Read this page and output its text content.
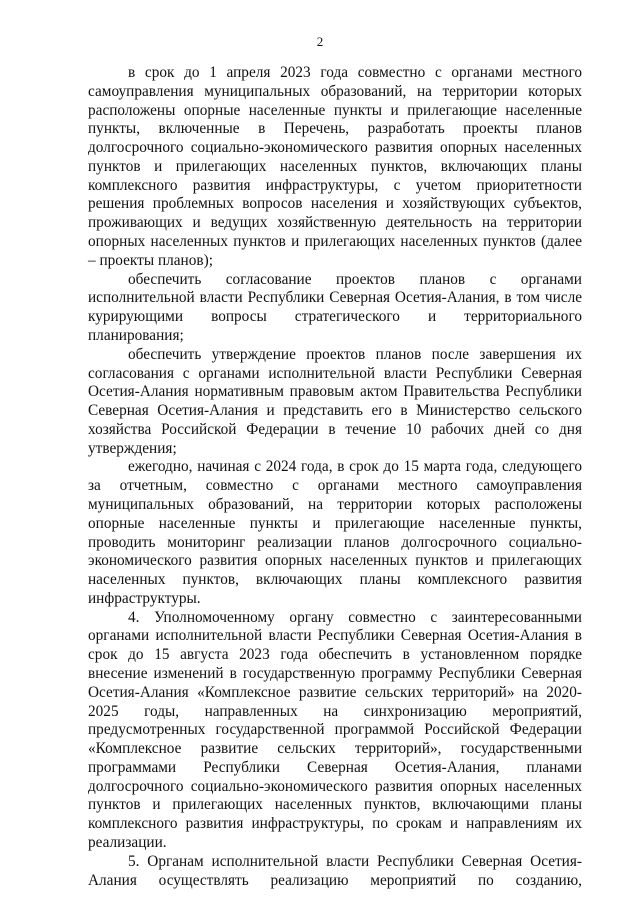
2

в срок до 1 апреля 2023 года совместно с органами местного самоуправления муниципальных образований, на территории которых расположены опорные населенные пункты и прилегающие населенные пункты, включенные в Перечень, разработать проекты планов долгосрочного социально-экономического развития опорных населенных пунктов и прилегающих населенных пунктов, включающих планы комплексного развития инфраструктуры, с учетом приоритетности решения проблемных вопросов населения и хозяйствующих субъектов, проживающих и ведущих хозяйственную деятельность на территории опорных населенных пунктов и прилегающих населенных пунктов (далее – проекты планов);

обеспечить согласование проектов планов с органами исполнительной власти Республики Северная Осетия-Алания, в том числе курирующими вопросы стратегического и территориального планирования;

обеспечить утверждение проектов планов после завершения их согласования с органами исполнительной власти Республики Северная Осетия-Алания нормативным правовым актом Правительства Республики Северная Осетия-Алания и представить его в Министерство сельского хозяйства Российской Федерации в течение 10 рабочих дней со дня утверждения;

ежегодно, начиная с 2024 года, в срок до 15 марта года, следующего за отчетным, совместно с органами местного самоуправления муниципальных образований, на территории которых расположены опорные населенные пункты и прилегающие населенные пункты, проводить мониторинг реализации планов долгосрочного социально-экономического развития опорных населенных пунктов и прилегающих населенных пунктов, включающих планы комплексного развития инфраструктуры.

4. Уполномоченному органу совместно с заинтересованными органами исполнительной власти Республики Северная Осетия-Алания в срок до 15 августа 2023 года обеспечить в установленном порядке внесение изменений в государственную программу Республики Северная Осетия-Алания «Комплексное развитие сельских территорий» на 2020-2025 годы, направленных на синхронизацию мероприятий, предусмотренных государственной программой Российской Федерации «Комплексное развитие сельских территорий», государственными программами Республики Северная Осетия-Алания, планами долгосрочного социально-экономического развития опорных населенных пунктов и прилегающих населенных пунктов, включающими планы комплексного развития инфраструктуры, по срокам и направлениям их реализации.

5. Органам исполнительной власти Республики Северная Осетия-Алания осуществлять реализацию мероприятий по созданию,
